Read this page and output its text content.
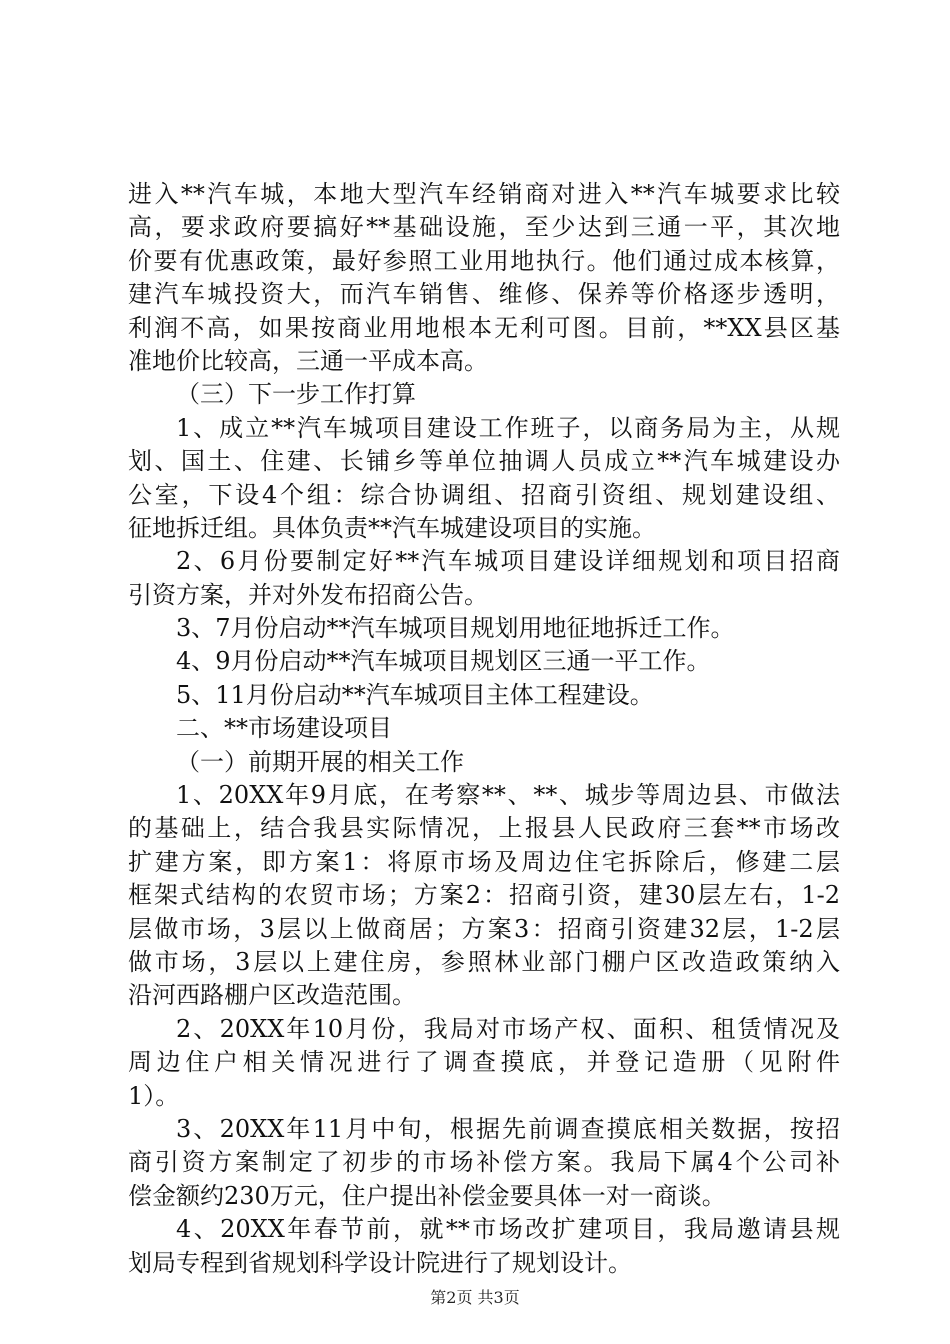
进入**汽车城，本地大型汽车经销商对进入**汽车城要求比较
高，要求政府要搞好**基础设施，至少达到三通一平，其次地
价要有优惠政策，最好参照工业用地执行。他们通过成本核算，
建汽车城投资大，而汽车销售、维修、保养等价格逐步透明，
利润不高，如果按商业用地根本无利可图。目前，**XX县区基
准地价比较高，三通一平成本高。
（三）下一步工作打算
1、成立**汽车城项目建设工作班子，以商务局为主，从规
划、国土、住建、长铺乡等单位抽调人员成立**汽车城建设办
公室，下设4个组：综合协调组、招商引资组、规划建设组、
征地拆迁组。具体负责**汽车城建设项目的实施。
2、6月份要制定好**汽车城项目建设详细规划和项目招商
引资方案，并对外发布招商公告。
3、7月份启动**汽车城项目规划用地征地拆迁工作。
4、9月份启动**汽车城项目规划区三通一平工作。
5、11月份启动**汽车城项目主体工程建设。
二、**市场建设项目
（一）前期开展的相关工作
1、20XX年9月底，在考察**、**、城步等周边县、市做法
的基础上，结合我县实际情况，上报县人民政府三套**市场改
扩建方案，即方案1：将原市场及周边住宅拆除后，修建二层
框架式结构的农贸市场；方案2：招商引资，建30层左右，1-2
层做市场，3层以上做商居；方案3：招商引资建32层，1-2层
做市场，3层以上建住房，参照林业部门棚户区改造政策纳入
沿河西路棚户区改造范围。
2、20XX年10月份，我局对市场产权、面积、租赁情况及
周边住户相关情况进行了调查摸底，并登记造册（见附件
1）。
3、20XX年11月中旬，根据先前调查摸底相关数据，按招
商引资方案制定了初步的市场补偿方案。我局下属4个公司补
偿金额约230万元，住户提出补偿金要具体一对一商谈。
4、20XX年春节前，就**市场改扩建项目，我局邀请县规
划局专程到省规划科学设计院进行了规划设计。
第2页 共3页
